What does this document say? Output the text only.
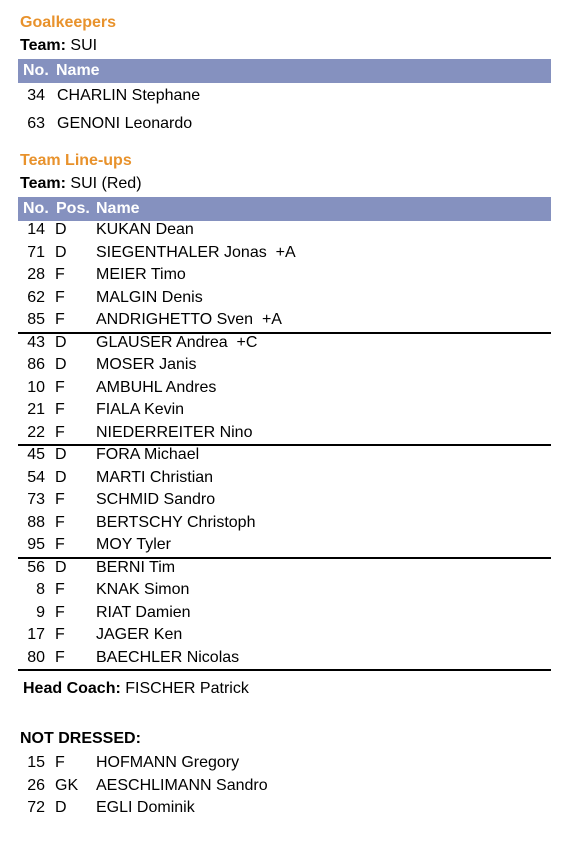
Goalkeepers
Team: SUI
No. Name
34 CHARLIN Stephane
63 GENONI Leonardo
Team Line-ups
Team: SUI (Red)
No. Pos. Name
14 D KUKAN Dean
71 D SIEGENTHALER Jonas  +A
28 F MEIER Timo
62 F MALGIN Denis
85 F ANDRIGHETTO Sven  +A
43 D GLAUSER Andrea  +C
86 D MOSER Janis
10 F AMBUHL Andres
21 F FIALA Kevin
22 F NIEDERREITER Nino
45 D FORA Michael
54 D MARTI Christian
73 F SCHMID Sandro
88 F BERTSCHY Christoph
95 F MOY Tyler
56 D BERNI Tim
8 F KNAK Simon
9 F RIAT Damien
17 F JAGER Ken
80 F BAECHLER Nicolas
Head Coach: FISCHER Patrick
NOT DRESSED:
15 F HOFMANN Gregory
26 GK AESCHLIMANN Sandro
72 D EGLI Dominik
